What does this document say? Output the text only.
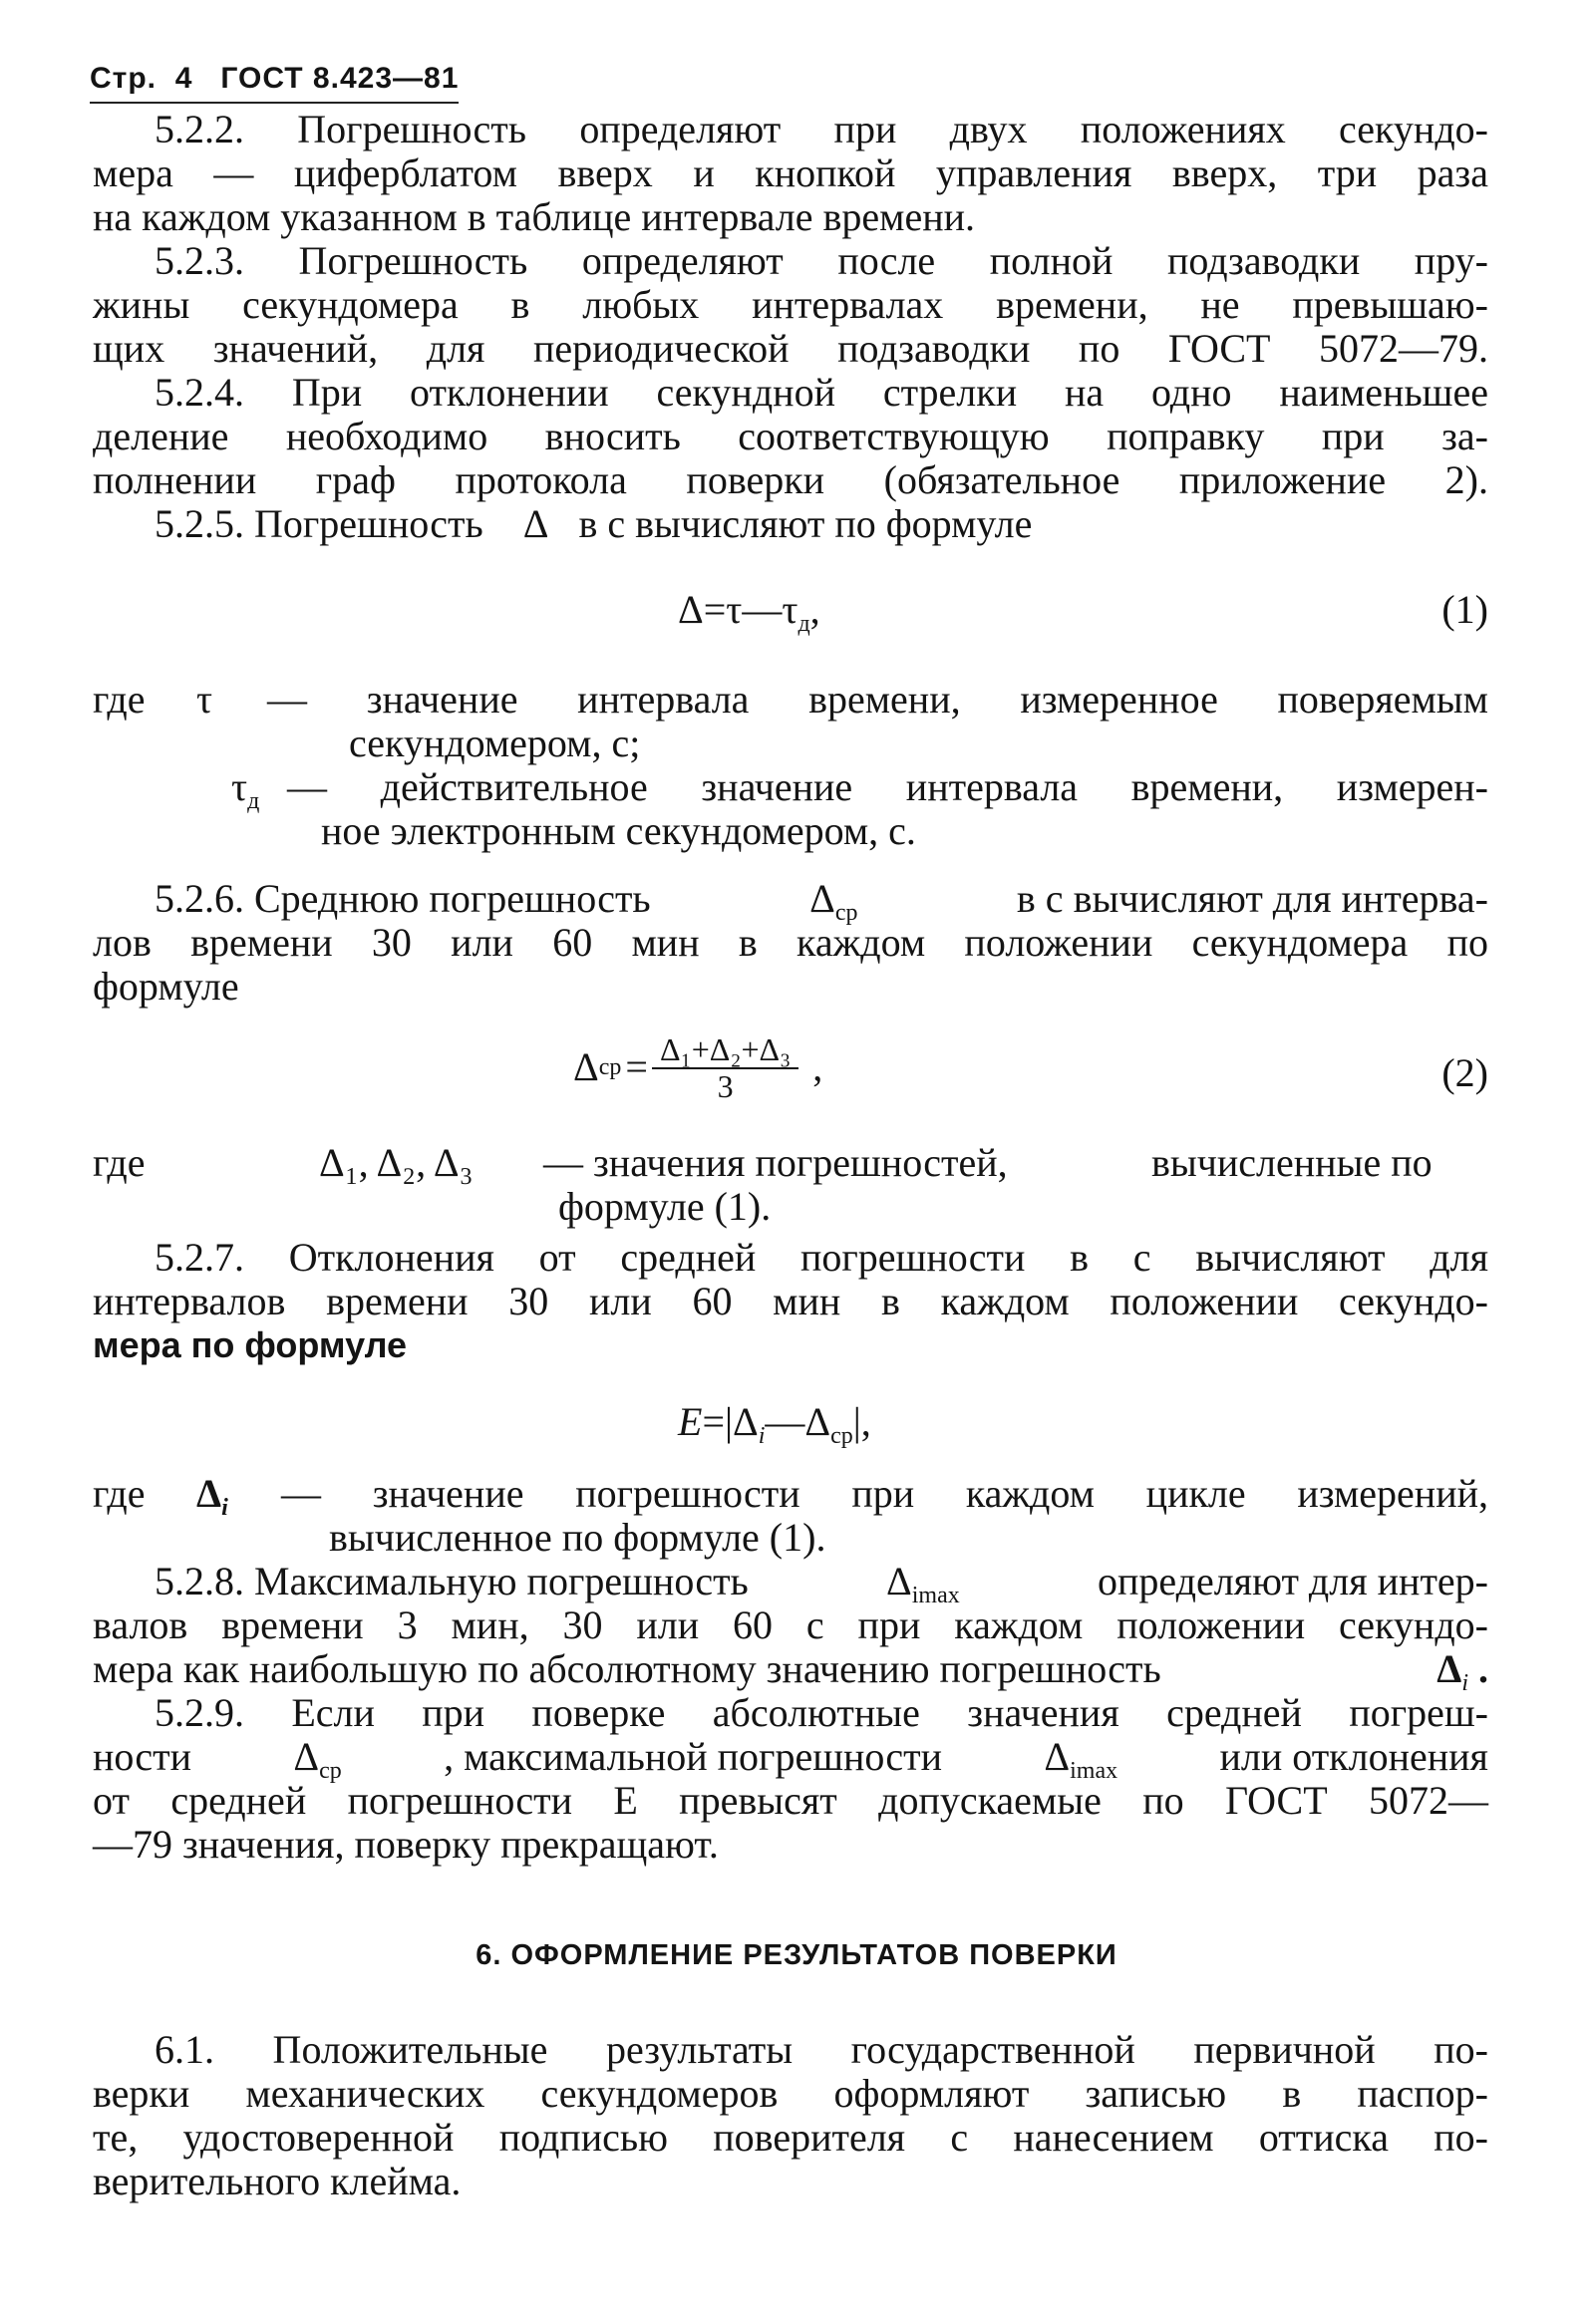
Стр.
4
ГОСТ 8.423—81
5.2.2. Погрешность определяют при двух положениях секундо-
мера — циферблатом вверх и кнопкой управления вверх, три раза
на каждом указанном в таблице интервале времени.
5.2.3. Погрешность определяют после полной подзаводки пру-
жины секундомера в любых интервалах времени, не превышаю-
щих значений, для периодической подзаводки по ГОСТ 5072—79.
5.2.4. При отклонении секундной стрелки на одно наименьшее
деление необходимо вносить соответствующую поправку при за-
полнении граф протокола поверки (обязательное приложение 2).
5.2.5. Погрешность Δ в с вычисляют по формуле
$\Delta=\tau—\tau_д$,	(1)
где τ — значение интервала времени, измеренное поверяемым
секундомером, с;
$\tau_д$ — действительное значение интервала времени, измерен-
ное электронным секундомером, с.
5.2.6. Среднюю погрешность	$\Delta_{ср}$	в с вычисляют для интерва-
лов времени 30 или 60 мин в каждом положении секундомера по
формуле
Δ ср = $\frac{\text{Δ₁+Δ₂+Δ₃}}{3}$ ,	(2)
где	Δ₁, Δ₂, Δ₃ — значения погрешностей,	вычисленные по
формуле (1).
5.2.7. Отклонения от средней погрешности в с вычисляют для
интервалов времени 30 или 60 мин в каждом положении секундо-
мера по формуле
$E=|\Delta_i—\Delta_{ср}|$,
где $\Delta_i$ — значение погрешности при каждом цикле измерений,
вычисленное по формуле (1).
5.2.8. Максимальную погрешность	$\Delta_{imax}$	определяют для интер-
валов времени 3 мин, 30 или 60 с при каждом положении секундо-
мера как наибольшую по абсолютному значению погрешность	$\Delta_i$ .
5.2.9. Если при поверке абсолютные значения средней погреш-
ности	$\Delta_{ср}$	, максимальной погрешности	$\Delta_{imax}$	или отклонения
от средней погрешности E превысят допускаемые по ГОСТ 5072—
—79 значения, поверку прекращают.
6. ОФОРМЛЕНИЕ РЕЗУЛЬТАТОВ ПОВЕРКИ
6.1. Положительные результаты государственной первичной по-
верки механических секундомеров оформляют записью в паспор-
те, удостоверенной подписью поверителя с нанесением оттиска по-
верительного клейма.
